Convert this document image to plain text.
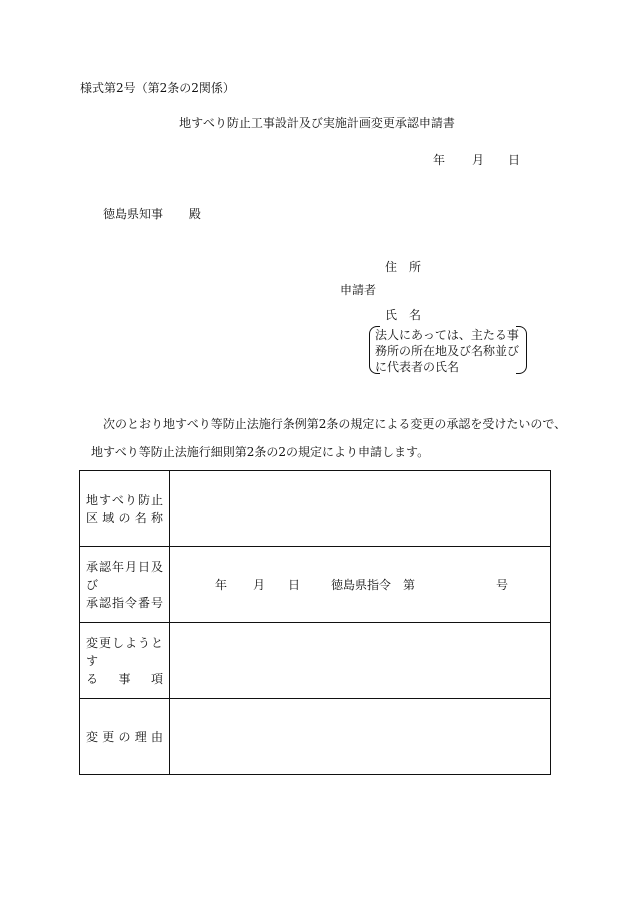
様式第2号（第2条の2関係）
地すべり防止工事設計及び実施計画変更承認申請書
年 月 日
徳島県知事 殿
住　所
申請者
氏　名
法人にあっては、主たる事務所の所在地及び名称並びに代表者の氏名
次のとおり地すべり等防止法施行条例第2条の規定による変更の承認を受けたいので、
地すべり等防止法施行細則第2条の2の規定により申請します。
地すべり防止
区域の名称	

承認年月日及び
承認指令番号	年 月 日 徳島県指令　第 号

変更しようとす
る　事　項	

変更の理由	
